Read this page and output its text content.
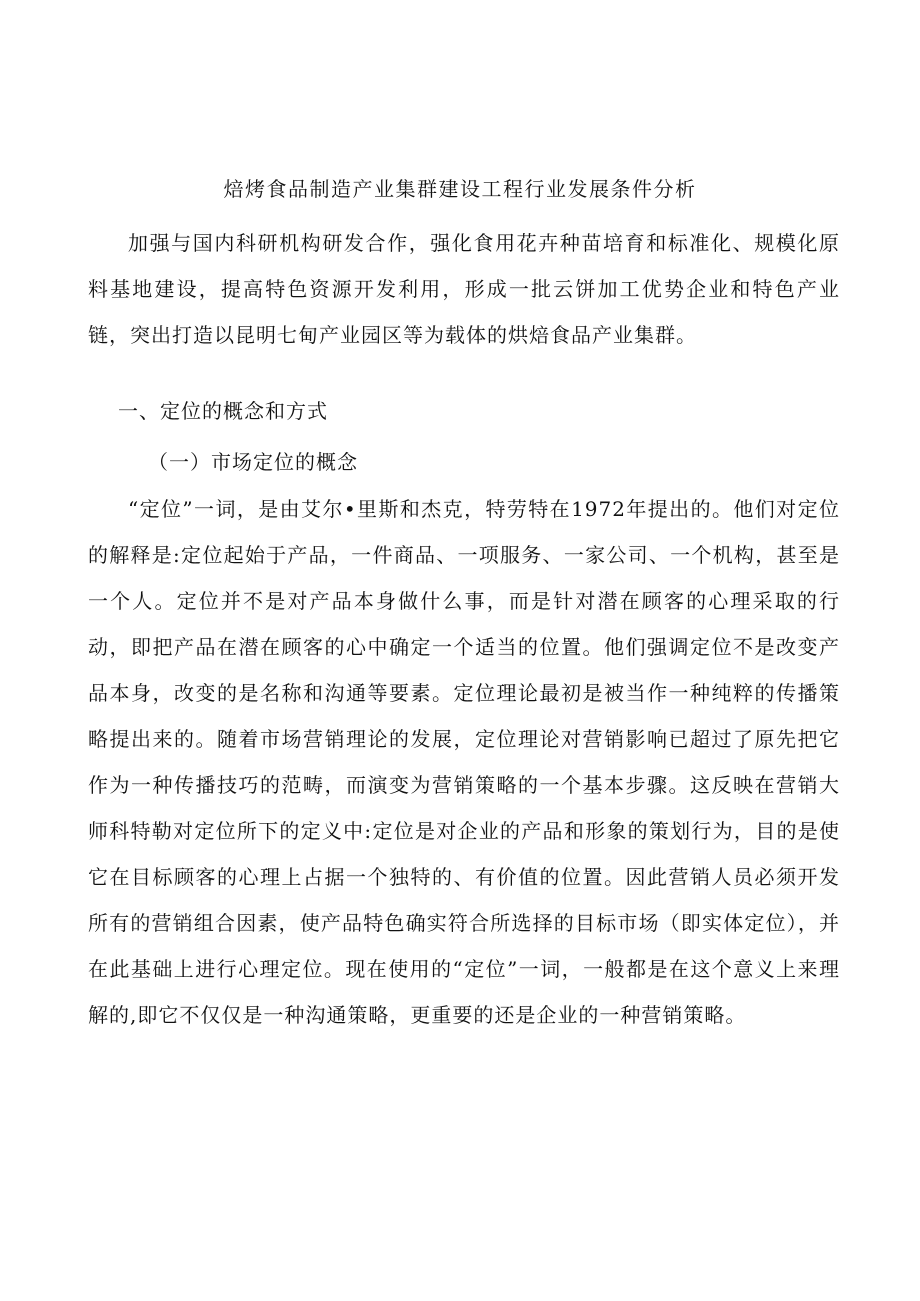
焙烤食品制造产业集群建设工程行业发展条件分析

加强与国内科研机构研发合作，强化食用花卉种苗培育和标准化、规模化原料基地建设，提高特色资源开发利用，形成一批云饼加工优势企业和特色产业链，突出打造以昆明七甸产业园区等为载体的烘焙食品产业集群。

一、定位的概念和方式
（一）市场定位的概念

“定位”一词，是由艾尔•里斯和杰克，特劳特在1972年提出的。他们对定位的解释是:定位起始于产品，一件商品、一项服务、一家公司、一个机构，甚至是一个人。定位并不是对产品本身做什么事，而是针对潜在顾客的心理采取的行动，即把产品在潜在顾客的心中确定一个适当的位置。他们强调定位不是改变产品本身，改变的是名称和沟通等要素。定位理论最初是被当作一种纯粹的传播策略提出来的。随着市场营销理论的发展，定位理论对营销影响已超过了原先把它作为一种传播技巧的范畴，而演变为营销策略的一个基本步骤。这反映在营销大师科特勒对定位所下的定义中:定位是对企业的产品和形象的策划行为，目的是使它在目标顾客的心理上占据一个独特的、有价值的位置。因此营销人员必须开发所有的营销组合因素，使产品特色确实符合所选择的目标市场（即实体定位），并在此基础上进行心理定位。现在使用的“定位”一词，一般都是在这个意义上来理解的,即它不仅仅是一种沟通策略，更重要的还是企业的一种营销策略。
